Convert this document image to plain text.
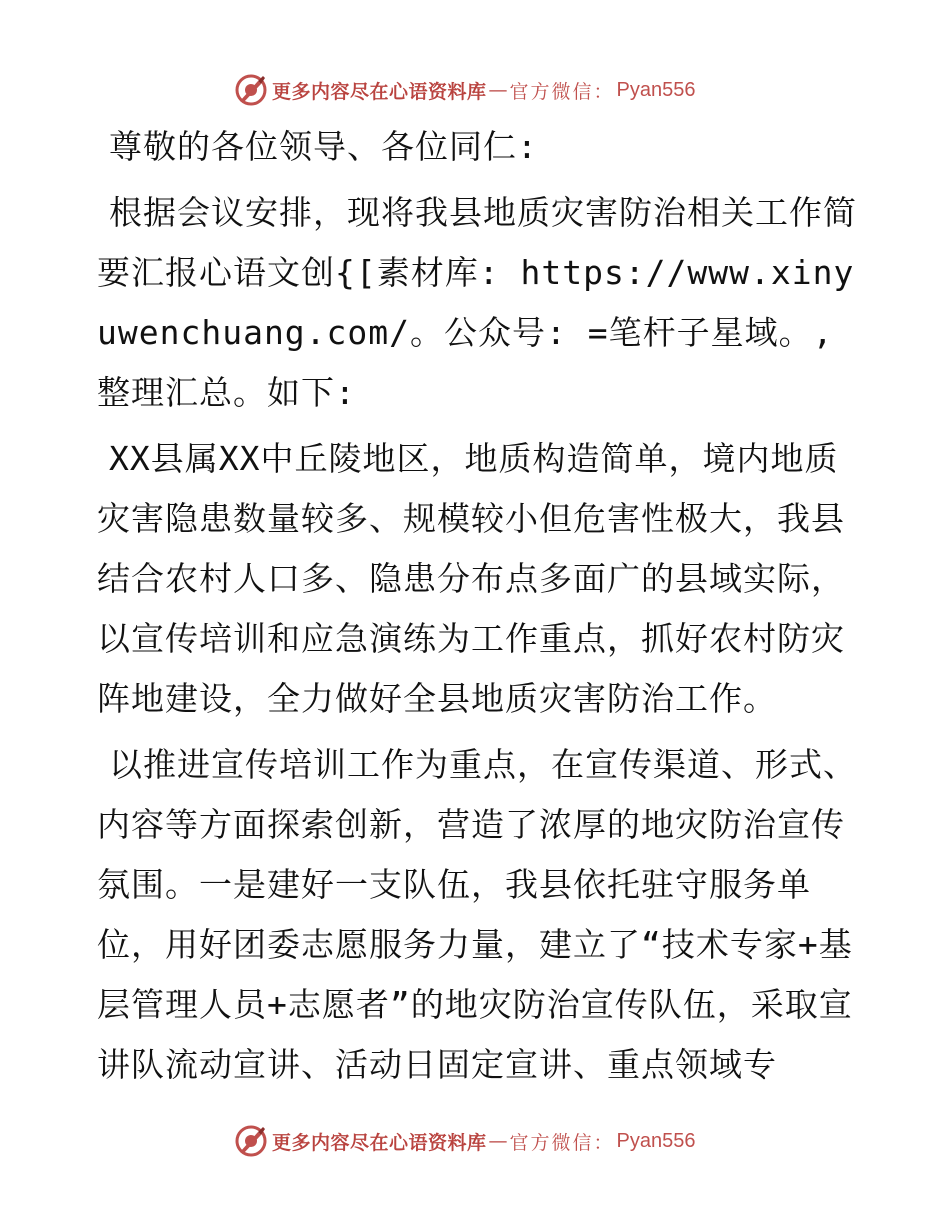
更多内容尽在心语资料库 — 官方微信： Pyan556

尊敬的各位领导、各位同仁:

根据会议安排，现将我县地质灾害防治相关工作简要汇报心语文创{[素材库: https://www.xinyuwenchuang.com/。公众号: =笔杆子星域。,整理汇总。如下:

XX县属XX中丘陵地区，地质构造简单，境内地质灾害隐患数量较多、规模较小但危害性极大，我县结合农村人口多、隐患分布点多面广的县域实际，以宣传培训和应急演练为工作重点，抓好农村防灾阵地建设，全力做好全县地质灾害防治工作。

以推进宣传培训工作为重点，在宣传渠道、形式、内容等方面探索创新，营造了浓厚的地灾防治宣传氛围。一是建好一支队伍，我县依托驻守服务单位，用好团委志愿服务力量，建立了“技术专家+基层管理人员+志愿者”的地灾防治宣传队伍，采取宣讲队流动宣讲、活动日固定宣讲、重点领域专

更多内容尽在心语资料库 — 官方微信： Pyan556
